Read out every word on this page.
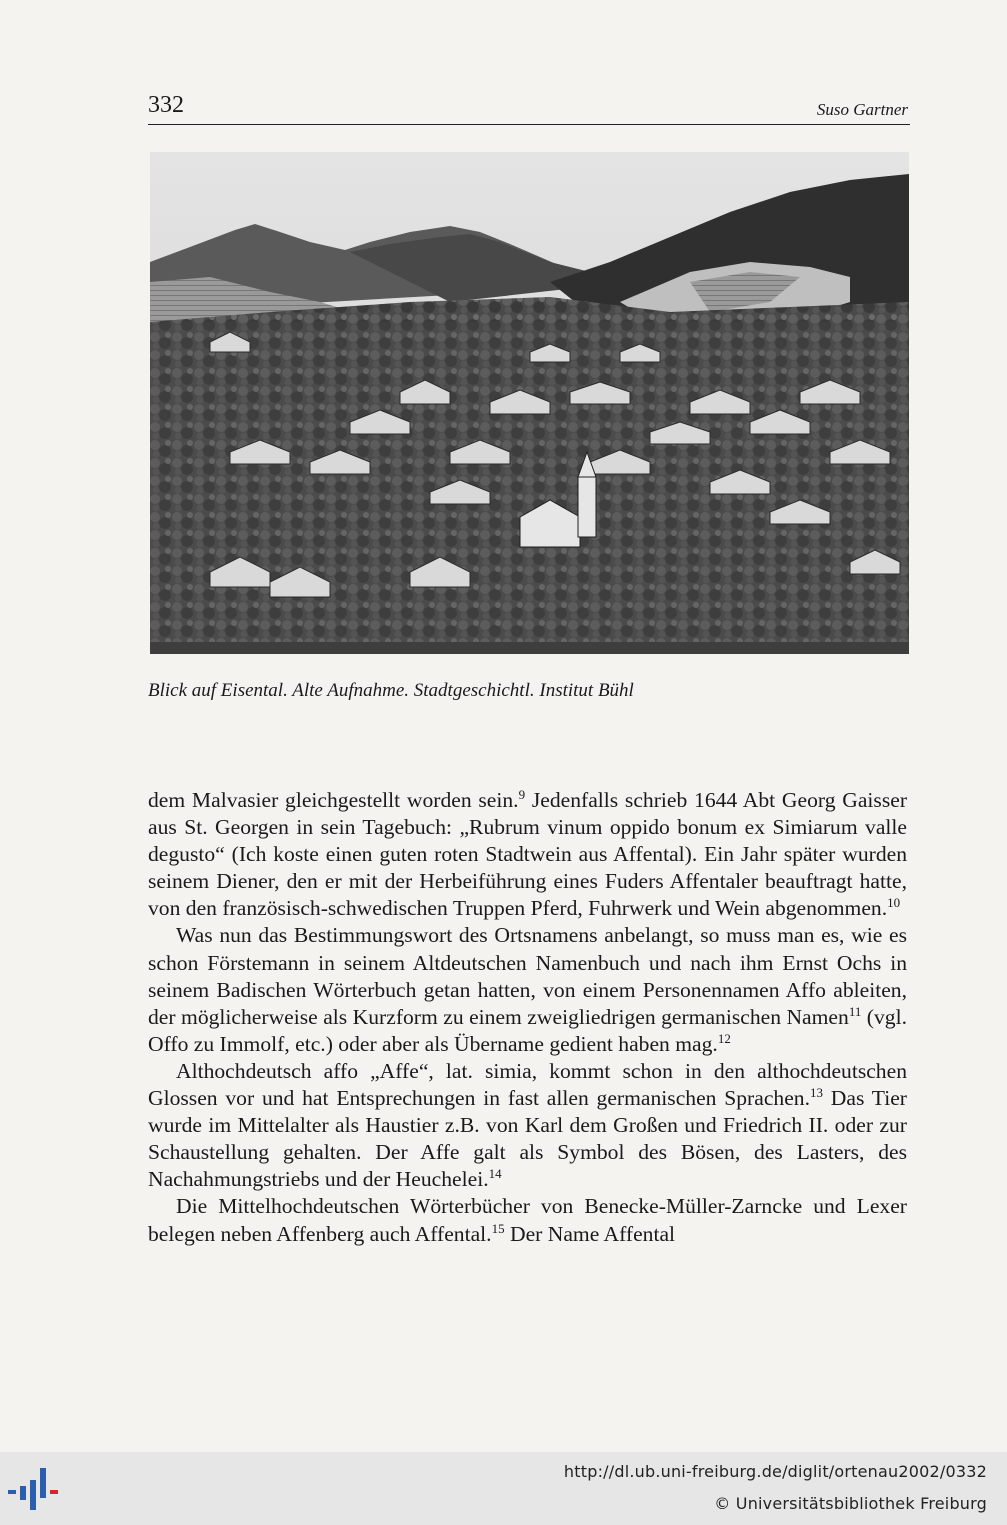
332	Suso Gartner
Blick auf Eisental. Alte Aufnahme. Stadtgeschichtl. Institut Bühl

dem Malvasier gleichgestellt worden sein.$^9$ Jedenfalls schrieb 1644 Abt Georg Gaisser aus St. Georgen in sein Tagebuch: „Rubrum vinum oppido bonum ex Simiarum valle degusto“ (Ich koste einen guten roten Stadtwein aus Affental). Ein Jahr später wurden seinem Diener, den er mit der Herbeiführung eines Fuders Affentaler beauftragt hatte, von den französisch-schwedischen Truppen Pferd, Fuhrwerk und Wein abgenommen.$^{10}$

Was nun das Bestimmungswort des Ortsnamens anbelangt, so muss man es, wie es schon Förstemann in seinem Altdeutschen Namenbuch und nach ihm Ernst Ochs in seinem Badischen Wörterbuch getan hatten, von einem Personennamen Affo ableiten, der möglicherweise als Kurzform zu einem zweigliedrigen germanischen Namen$^{11}$ (vgl. Offo zu Immolf, etc.) oder aber als Übername gedient haben mag.$^{12}$

Althochdeutsch affo „Affe“, lat. simia, kommt schon in den althochdeutschen Glossen vor und hat Entsprechungen in fast allen germanischen Sprachen.$^{13}$ Das Tier wurde im Mittelalter als Haustier z.B. von Karl dem Großen und Friedrich II. oder zur Schaustellung gehalten. Der Affe galt als Symbol des Bösen, des Lasters, des Nachahmungstriebs und der Heuchelei.$^{14}$

Die Mittelhochdeutschen Wörterbücher von Benecke-Müller-Zarncke und Lexer belegen neben Affenberg auch Affental.$^{15}$ Der Name Affental

http://dl.ub.uni-freiburg.de/diglit/ortenau2002/0332
© Universitätsbibliothek Freiburg
